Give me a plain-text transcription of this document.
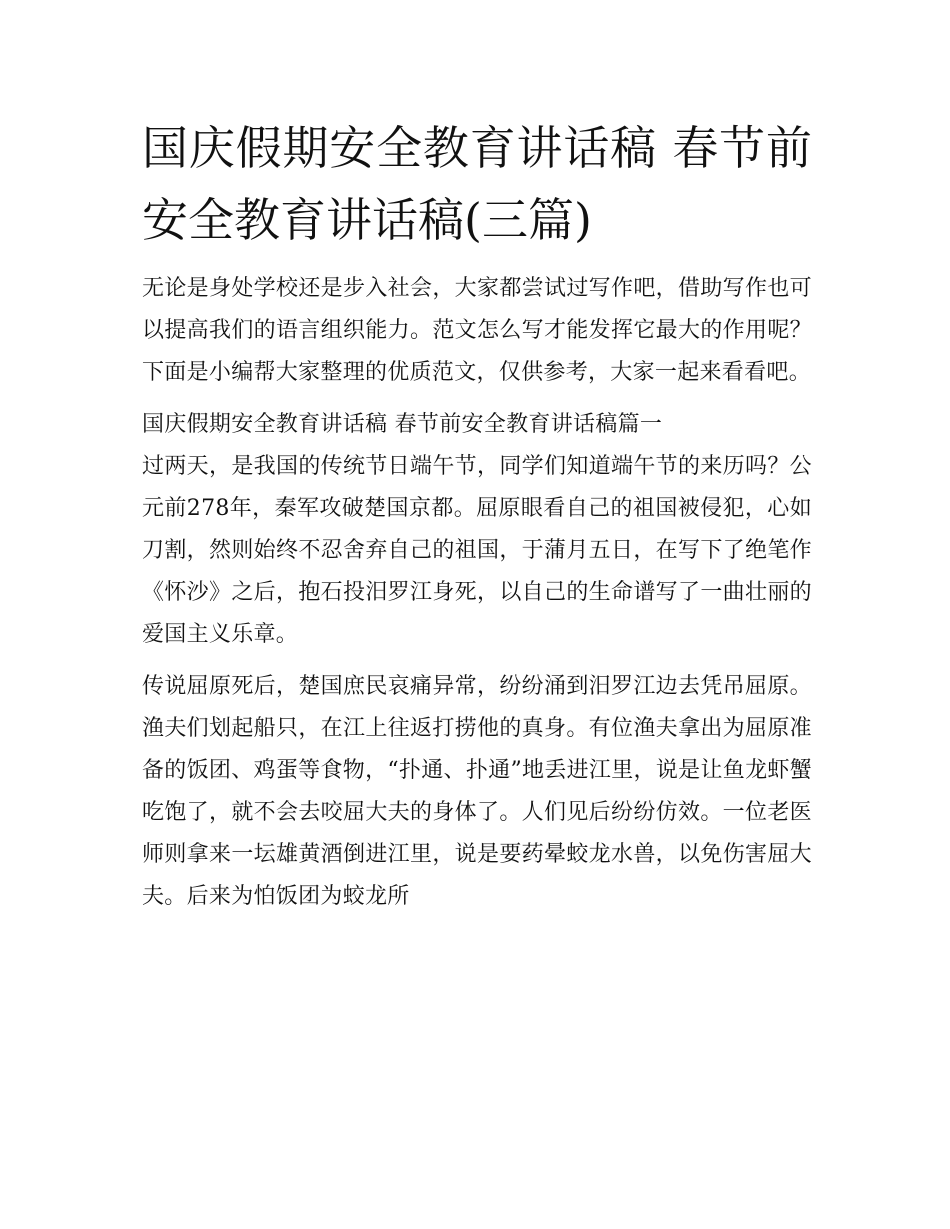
国庆假期安全教育讲话稿 春节前安全教育讲话稿(三篇)

无论是身处学校还是步入社会，大家都尝试过写作吧，借助写作也可以提高我们的语言组织能力。范文怎么写才能发挥它最大的作用呢？下面是小编帮大家整理的优质范文，仅供参考，大家一起来看看吧。

国庆假期安全教育讲话稿 春节前安全教育讲话稿篇一

过两天，是我国的传统节日端午节，同学们知道端午节的来历吗？公元前278年，秦军攻破楚国京都。屈原眼看自己的祖国被侵犯，心如刀割，然则始终不忍舍弃自己的祖国，于蒲月五日，在写下了绝笔作《怀沙》之后，抱石投汨罗江身死，以自己的生命谱写了一曲壮丽的爱国主义乐章。

传说屈原死后，楚国庶民哀痛异常，纷纷涌到汨罗江边去凭吊屈原。渔夫们划起船只，在江上往返打捞他的真身。有位渔夫拿出为屈原准备的饭团、鸡蛋等食物，“扑通、扑通”地丢进江里，说是让鱼龙虾蟹吃饱了，就不会去咬屈大夫的身体了。人们见后纷纷仿效。一位老医师则拿来一坛雄黄酒倒进江里，说是要药晕蛟龙水兽，以免伤害屈大夫。后来为怕饭团为蛟龙所
